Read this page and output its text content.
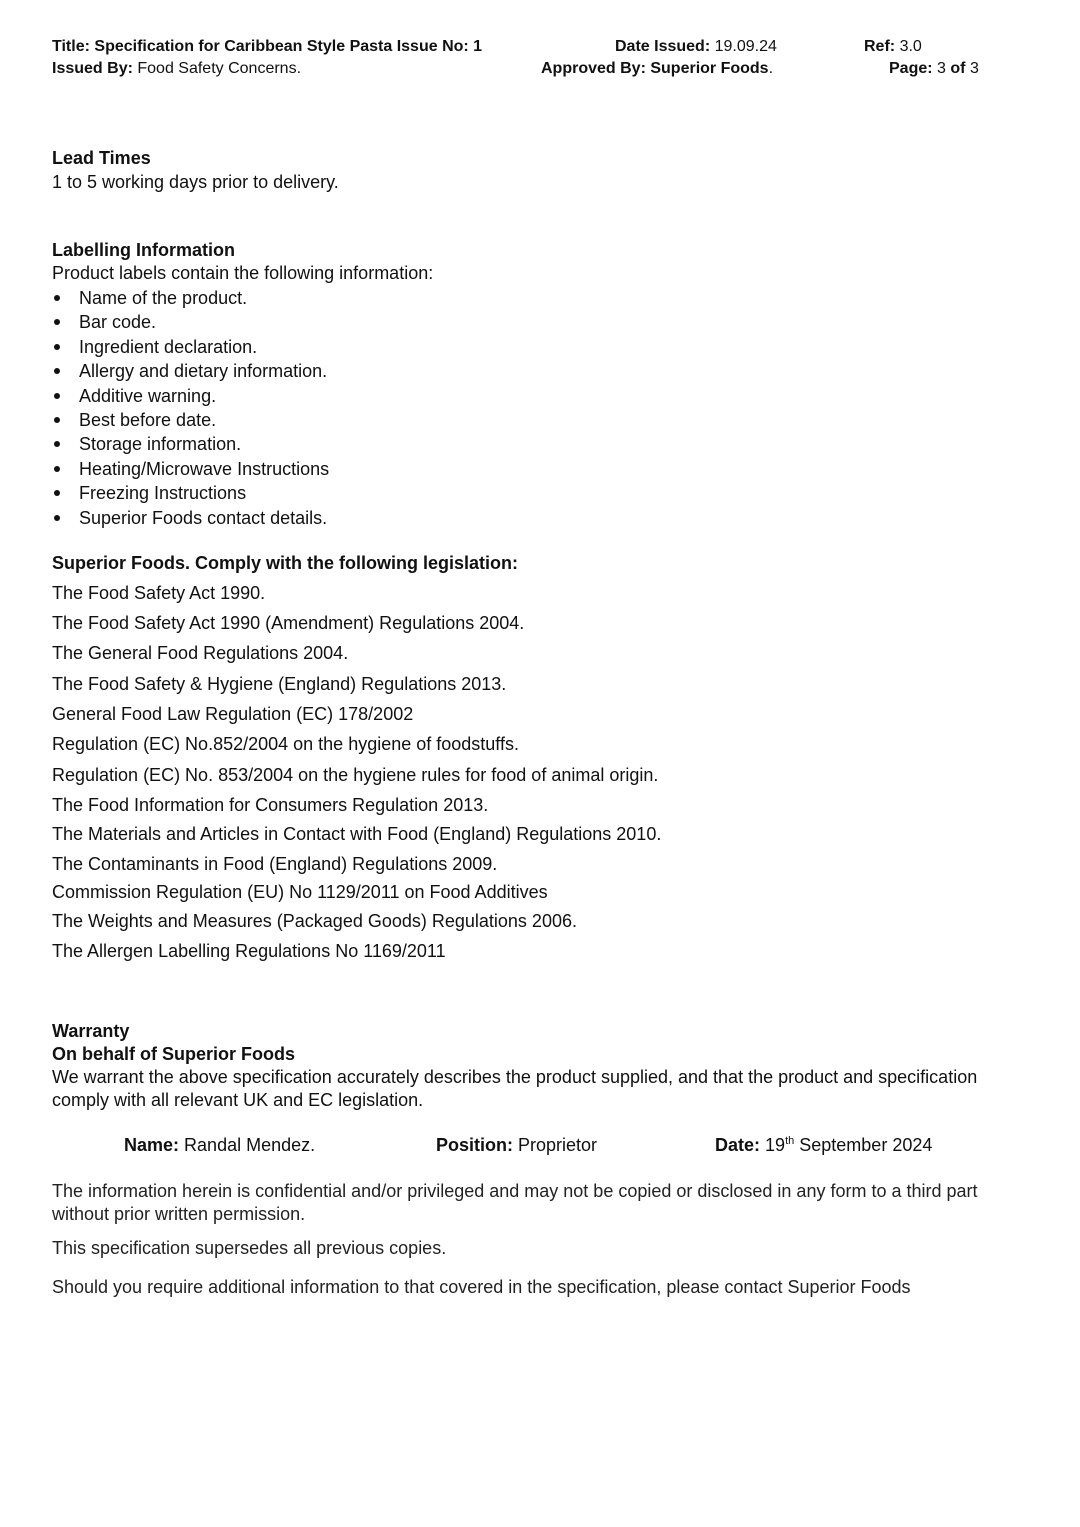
Title: Specification for Caribbean Style Pasta Issue No: 1	Date Issued: 19.09.24	Ref: 3.0
Issued By: Food Safety Concerns.	Approved By: Superior Foods.	Page: 3 of 3
Lead Times
1 to 5 working days prior to delivery.
Labelling Information
Product labels contain the following information:
Name of the product.
Bar code.
Ingredient declaration.
Allergy and dietary information.
Additive warning.
Best before date.
Storage information.
Heating/Microwave Instructions
Freezing Instructions
Superior Foods contact details.
Superior Foods. Comply with the following legislation:
The Food Safety Act 1990.
The Food Safety Act 1990 (Amendment) Regulations 2004.
The General Food Regulations 2004.
The Food Safety & Hygiene (England) Regulations 2013.
General Food Law Regulation (EC) 178/2002
Regulation (EC) No.852/2004 on the hygiene of foodstuffs.
Regulation (EC) No. 853/2004 on the hygiene rules for food of animal origin.
The Food Information for Consumers Regulation 2013.
The Materials and Articles in Contact with Food (England) Regulations 2010.
The Contaminants in Food (England) Regulations 2009.
Commission Regulation (EU) No 1129/2011 on Food Additives
The Weights and Measures (Packaged Goods) Regulations 2006.
The Allergen Labelling Regulations No 1169/2011
Warranty
On behalf of Superior Foods
We warrant the above specification accurately describes the product supplied, and that the product and specification comply with all relevant UK and EC legislation.
Name: Randal Mendez.	Position: Proprietor	Date: 19th September 2024
The information herein is confidential and/or privileged and may not be copied or disclosed in any form to a third part without prior written permission.
This specification supersedes all previous copies.
Should you require additional information to that covered in the specification, please contact Superior Foods
